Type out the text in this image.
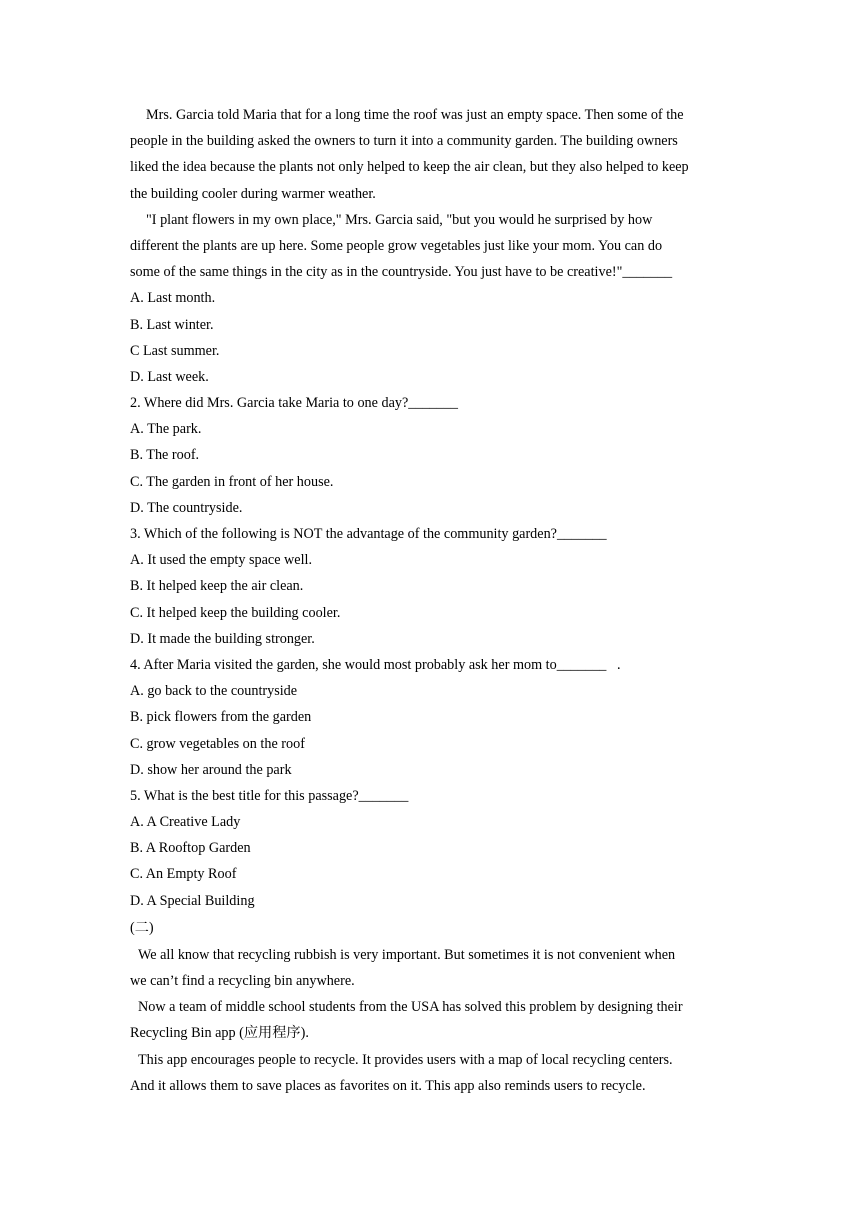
Mrs. Garcia told Maria that for a long time the roof was just an empty space. Then some of the
people in the building asked the owners to turn it into a community garden. The building owners
liked the idea because the plants not only helped to keep the air clean, but they also helped to keep
the building cooler during warmer weather.
"I plant flowers in my own place," Mrs. Garcia said, "but you would he surprised by how
different the plants are up here. Some people grow vegetables just like your mom. You can do
some of the same things in the city as in the countryside. You just have to be creative!"_______
A. Last month.
B. Last winter.
C Last summer.
D. Last week.
2. Where did Mrs. Garcia take Maria to one day?_______
A. The park.
B. The roof.
C. The garden in front of her house.
D. The countryside.
3. Which of the following is NOT the advantage of the community garden?_______
A. It used the empty space well.
B. It helped keep the air clean.
C. It helped keep the building cooler.
D. It made the building stronger.
4. After Maria visited the garden, she would most probably ask her mom to_______   .
A. go back to the countryside
B. pick flowers from the garden
C. grow vegetables on the roof
D. show her around the park
5. What is the best title for this passage?_______
A. A Creative Lady
B. A Rooftop Garden
C. An Empty Roof
D. A Special Building
(二)
We all know that recycling rubbish is very important. But sometimes it is not convenient when
we can’t find a recycling bin anywhere.
Now a team of middle school students from the USA has solved this problem by designing their
Recycling Bin app (应用程序).
This app encourages people to recycle. It provides users with a map of local recycling centers.
And it allows them to save places as favorites on it. This app also reminds users to recycle.
